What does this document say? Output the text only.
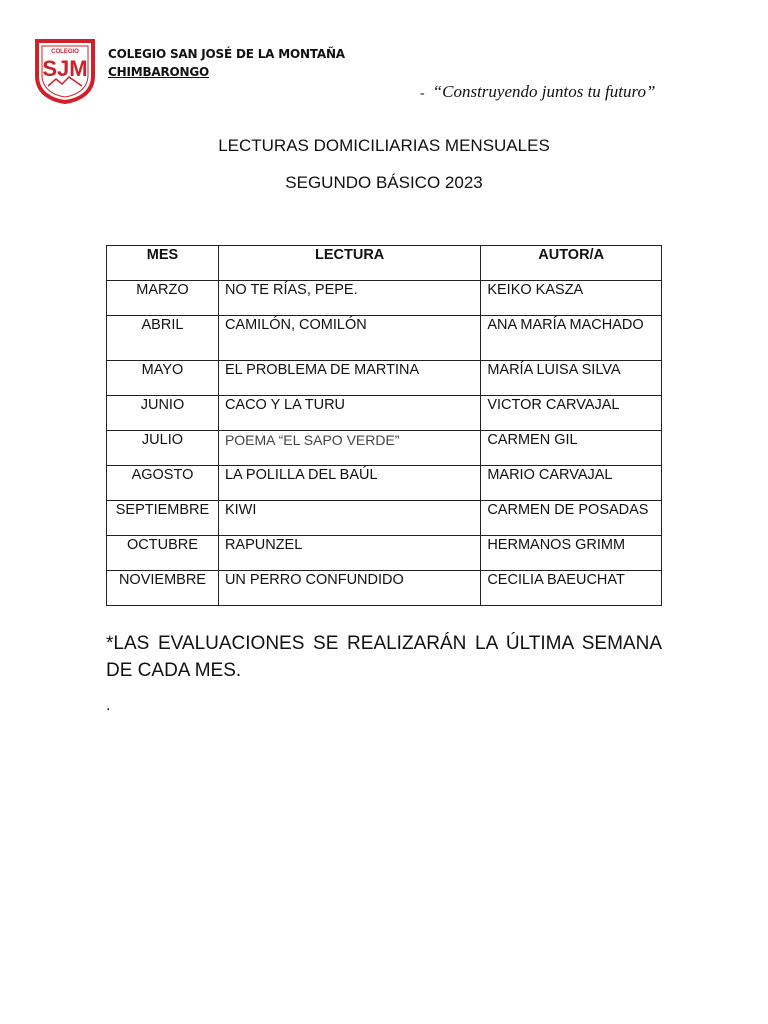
COLEGIO
SJM
COLEGIO SAN JOSÉ DE LA MONTAÑA
CHIMBARONGO
- “Construyendo juntos tu futuro”
LECTURAS DOMICILIARIAS MENSUALES
SEGUNDO BÁSICO 2023
MES	LECTURA	AUTOR/A
MARZO	NO TE RÍAS, PEPE.	KEIKO KASZA
ABRIL	CAMILÓN, COMILÓN	ANA MARÍA MACHADO
MAYO	EL PROBLEMA DE MARTINA	MARÍA LUISA SILVA
JUNIO	CACO Y LA TURU	VICTOR CARVAJAL
JULIO	POEMA “EL SAPO VERDE”	CARMEN GIL
AGOSTO	LA POLILLA DEL BAÚL	MARIO CARVAJAL
SEPTIEMBRE	KIWI	CARMEN DE POSADAS
OCTUBRE	RAPUNZEL	HERMANOS GRIMM
NOVIEMBRE	UN PERRO CONFUNDIDO	CECILIA BAEUCHAT
*LAS EVALUACIONES SE REALIZARÁN LA ÚLTIMA SEMANA DE CADA MES.
.
